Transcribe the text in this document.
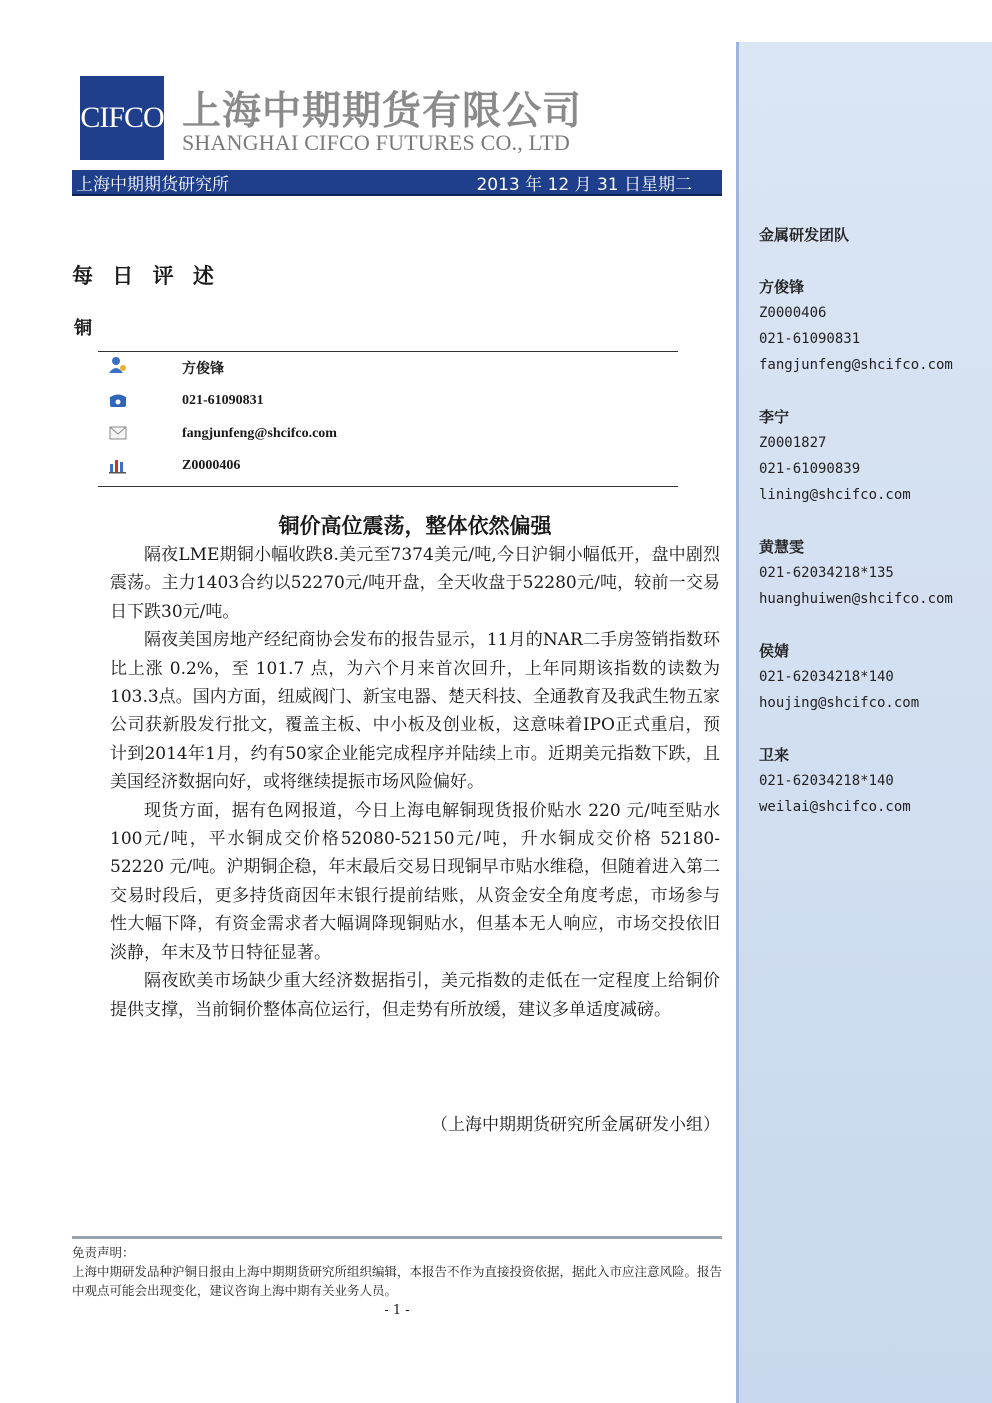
金属研发团队
方俊锋
Z0000406
021-61090831
fangjunfeng@shcifco.com
李宁
Z0001827
021-61090839
lining@shcifco.com
黄慧雯
021-62034218*135
huanghuiwen@shcifco.com
侯婧
021-62034218*140
houjing@shcifco.com
卫来
021-62034218*140
weilai@shcifco.com
CIFCO 上海中期期货有限公司
SHANGHAI CIFCO FUTURES CO., LTD
上海中期期货研究所	2013 年 12 月 31 日星期二
每 日 评 述
铜
方俊锋
021-61090831
fangjunfeng@shcifco.com
Z0000406
铜价高位震荡，整体依然偏强

隔夜LME期铜小幅收跌8.美元至7374美元/吨,今日沪铜小幅低开，盘中剧烈震荡。主力1403合约以52270元/吨开盘，全天收盘于52280元/吨，较前一交易日下跌30元/吨。

隔夜美国房地产经纪商协会发布的报告显示，11月的NAR二手房签销指数环比上涨 0.2%，至 101.7 点，为六个月来首次回升，上年同期该指数的读数为103.3点。国内方面，纽威阀门、新宝电器、楚天科技、全通教育及我武生物五家公司获新股发行批文，覆盖主板、中小板及创业板，这意味着IPO正式重启，预计到2014年1月，约有50家企业能完成程序并陆续上市。近期美元指数下跌，且美国经济数据向好，或将继续提振市场风险偏好。

现货方面，据有色网报道，今日上海电解铜现货报价贴水 220 元/吨至贴水100元/吨，平水铜成交价格52080-52150元/吨，升水铜成交价格 52180-52220 元/吨。沪期铜企稳，年末最后交易日现铜早市贴水维稳，但随着进入第二交易时段后，更多持货商因年末银行提前结账，从资金安全角度考虑，市场参与性大幅下降，有资金需求者大幅调降现铜贴水，但基本无人响应，市场交投依旧淡静，年末及节日特征显著。

隔夜欧美市场缺少重大经济数据指引，美元指数的走低在一定程度上给铜价提供支撑，当前铜价整体高位运行，但走势有所放缓，建议多单适度减磅。

（上海中期期货研究所金属研发小组）
免责声明：
上海中期研发品种沪铜日报由上海中期期货研究所组织编辑，本报告不作为直接投资依据，据此入市应注意风险。报告中观点可能会出现变化，建议咨询上海中期有关业务人员。
- 1 -
